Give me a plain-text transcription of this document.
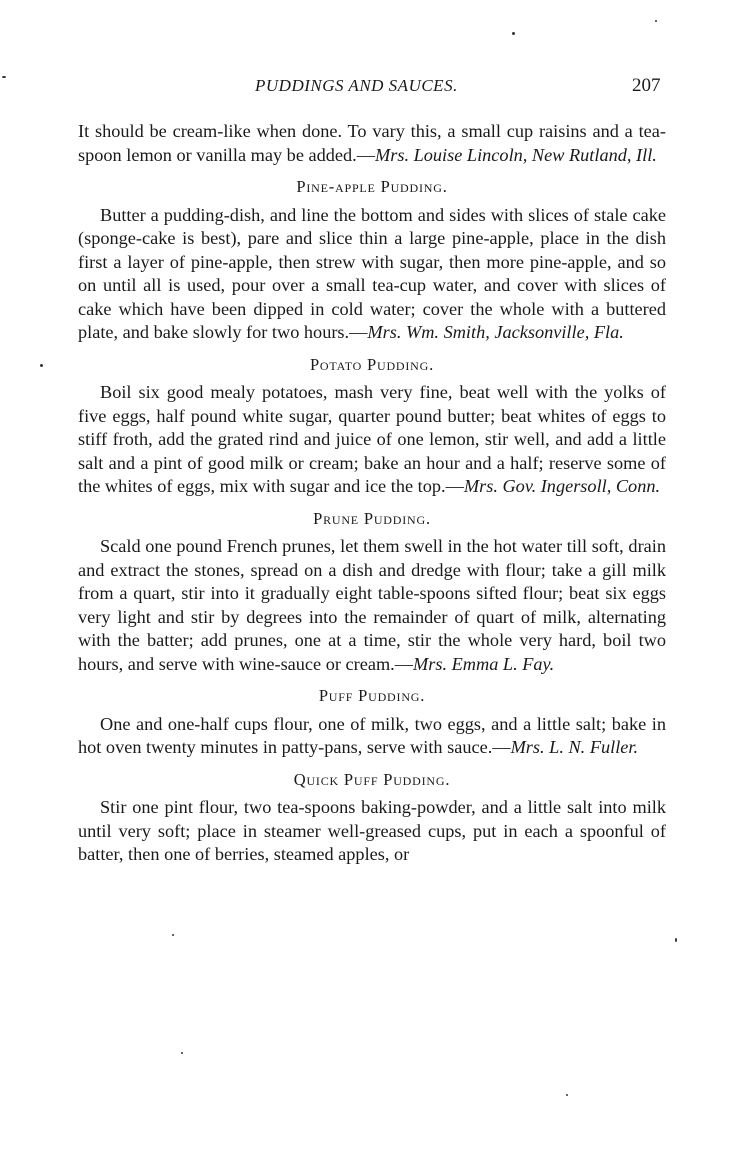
PUDDINGS AND SAUCES.	207

It should be cream-like when done. To vary this, a small cup raisins and a tea-spoon lemon or vanilla may be added.—Mrs. Louise Lincoln, New Rutland, Ill.

Pine-apple Pudding.

Butter a pudding-dish, and line the bottom and sides with slices of stale cake (sponge-cake is best), pare and slice thin a large pine-apple, place in the dish first a layer of pine-apple, then strew with sugar, then more pine-apple, and so on until all is used, pour over a small tea-cup water, and cover with slices of cake which have been dipped in cold water; cover the whole with a buttered plate, and bake slowly for two hours.—Mrs. Wm. Smith, Jacksonville, Fla.

Potato Pudding.

Boil six good mealy potatoes, mash very fine, beat well with the yolks of five eggs, half pound white sugar, quarter pound butter; beat whites of eggs to stiff froth, add the grated rind and juice of one lemon, stir well, and add a little salt and a pint of good milk or cream; bake an hour and a half; reserve some of the whites of eggs, mix with sugar and ice the top.—Mrs. Gov. Ingersoll, Conn.

Prune Pudding.

Scald one pound French prunes, let them swell in the hot water till soft, drain and extract the stones, spread on a dish and dredge with flour; take a gill milk from a quart, stir into it gradually eight table-spoons sifted flour; beat six eggs very light and stir by degrees into the remainder of quart of milk, alternating with the batter; add prunes, one at a time, stir the whole very hard, boil two hours, and serve with wine-sauce or cream.—Mrs. Emma L. Fay.

Puff Pudding.

One and one-half cups flour, one of milk, two eggs, and a little salt; bake in hot oven twenty minutes in patty-pans, serve with sauce.—Mrs. L. N. Fuller.

Quick Puff Pudding.

Stir one pint flour, two tea-spoons baking-powder, and a little salt into milk until very soft; place in steamer well-greased cups, put in each a spoonful of batter, then one of berries, steamed apples, or
